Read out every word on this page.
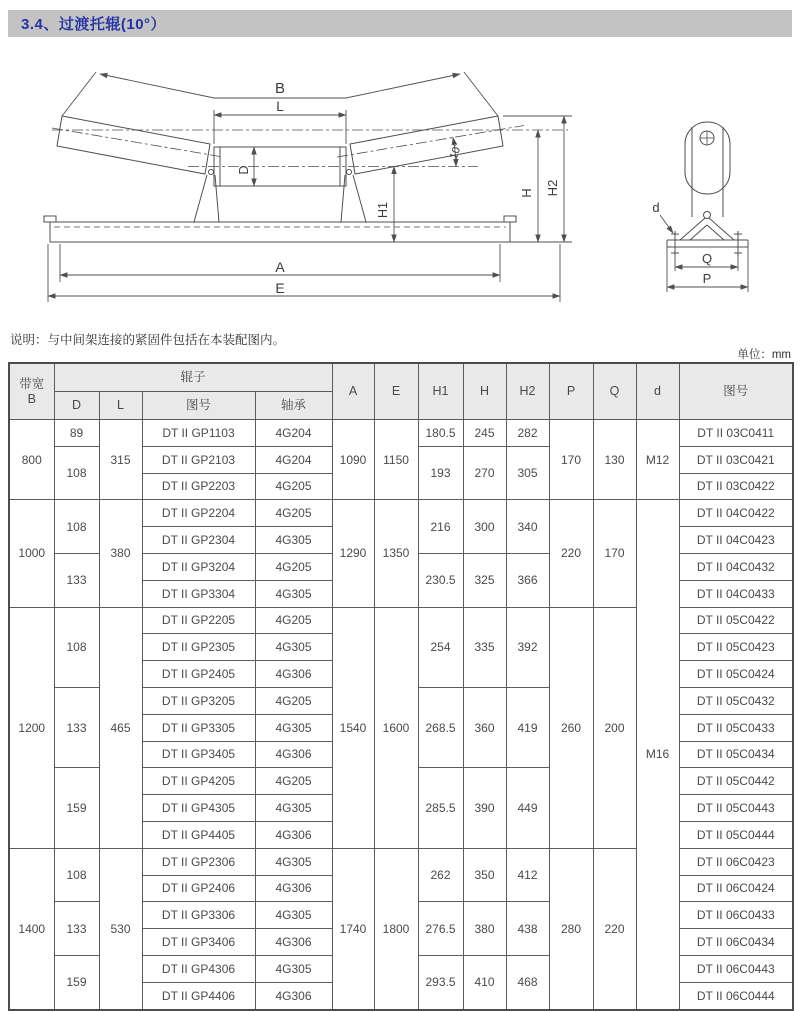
3.4、过渡托辊(10°）
B
L
D
10°
H1
H H2
A
E
d
Q
P
说明：与中间架连接的紧固件包括在本装配图内。
单位：mm
带宽
B	辊子				A	E	H1	H	H2	P	Q	d	图号
	D	L	图号	轴承									
800	89	315	DT II GP1103	4G204	1090	1150	180.5	245	282	170	130	M12	DT II 03C0411
	108		DT II GP2103	4G204			193	270	305				DT II 03C0421
			DT II GP2203	4G205									DT II 03C0422
1000	108	380	DT II GP2204	4G205	1290	1350	216	300	340	220	170	M16	DT II 04C0422
			DT II GP2304	4G305									DT II 04C0423
	133		DT II GP3204	4G205			230.5	325	366				DT II 04C0432
			DT II GP3304	4G305									DT II 04C0433
1200	108	465	DT II GP2205	4G205	1540	1600	254	335	392	260	200		DT II 05C0422
			DT II GP2305	4G305									DT II 05C0423
			DT II GP2405	4G306									DT II 05C0424
	133		DT II GP3205	4G205			268.5	360	419				DT II 05C0432
			DT II GP3305	4G305									DT II 05C0433
			DT II GP3405	4G306									DT II 05C0434
	159		DT II GP4205	4G205			285.5	390	449				DT II 05C0442
			DT II GP4305	4G305									DT II 05C0443
			DT II GP4405	4G306									DT II 05C0444
1400	108	530	DT II GP2306	4G305	1740	1800	262	350	412	280	220		DT II 06C0423
			DT II GP2406	4G306									DT II 06C0424
	133		DT II GP3306	4G305			276.5	380	438				DT II 06C0433
			DT II GP3406	4G306									DT II 06C0434
	159		DT II GP4306	4G305			293.5	410	468				DT II 06C0443
			DT II GP4406	4G306									DT II 06C0444
